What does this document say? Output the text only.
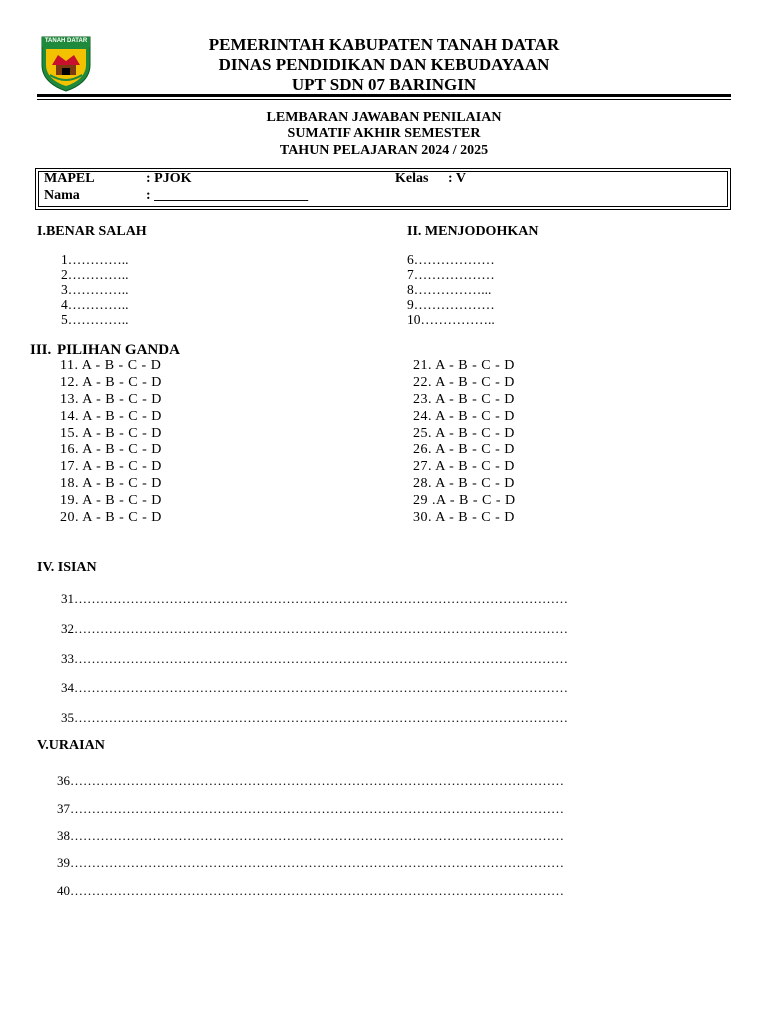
TANAH DATAR	PEMERINTAH KABUPATEN TANAH DATAR
DINAS PENDIDIKAN DAN KEBUDAYAAN
UPT SDN 07 BARINGIN
LEMBARAN JAWABAN PENILAIAN
SUMATIF AKHIR SEMESTER
TAHUN PELAJARAN 2024 / 2025
MAPEL	: PJOK	Kelas : V
Nama	: ______________________
I.BENAR SALAH
1…………..
2…………..
3…………..
4…………..
5…………..
II. MENJODOHKAN
6………………
7………………
8……………...
9………………
10……………..
III. PILIHAN GANDA
11. A - B - C - D
12. A - B - C - D
13. A - B - C - D
14. A - B - C - D
15. A - B - C - D
16. A - B - C - D
17. A - B - C - D
18. A - B - C - D
19. A - B - C - D
20. A - B - C - D
21. A - B - C - D
22. A - B - C - D
23. A - B - C - D
24. A - B - C - D
25. A - B - C - D
26. A - B - C - D
27. A - B - C - D
28. A - B - C - D
29 .A - B - C - D
30. A - B - C - D
IV. ISIAN
31……………………………………………………………………………………………………
32……………………………………………………………………………………………………
33……………………………………………………………………………………………………
34……………………………………………………………………………………………………
35……………………………………………………………………………………………………
V.URAIAN
36……………………………………………………………………………………………………
37……………………………………………………………………………………………………
38……………………………………………………………………………………………………
39……………………………………………………………………………………………………
40……………………………………………………………………………………………………
